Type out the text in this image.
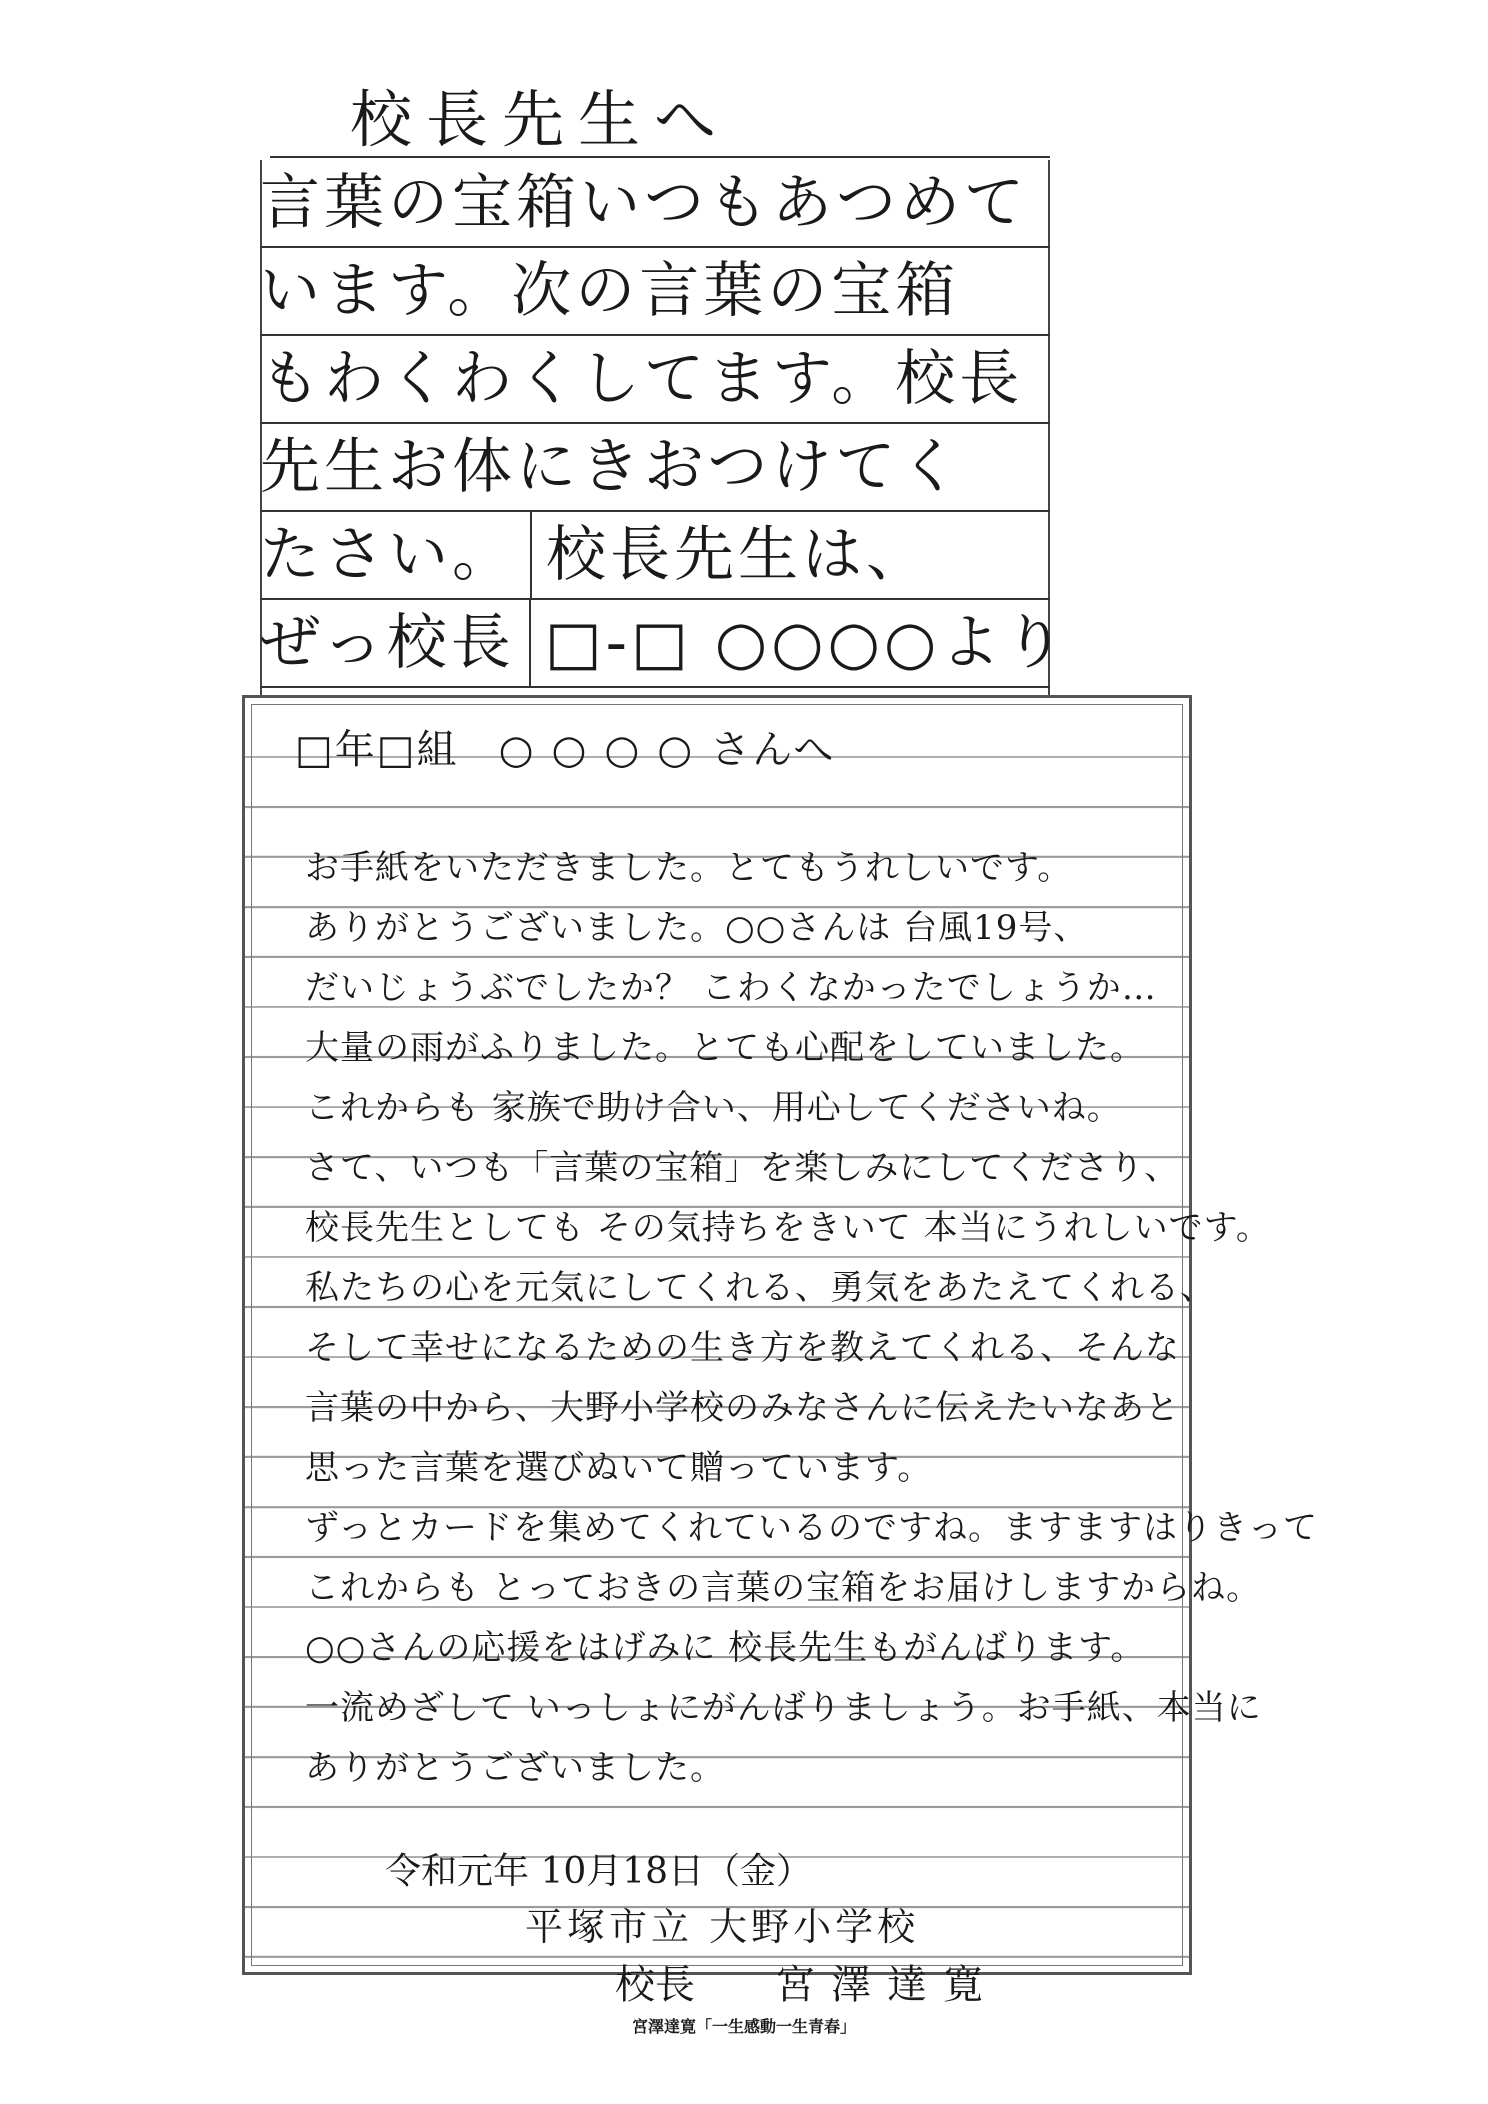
校長先生へ
言葉の宝箱いつもあつめて
います。次の言葉の宝箱
もわくわくしてます。校長
先生お体にきおつけてく
たさい。 校長先生は、
ぜっ校長 □-□ ○○○○より
□年□組 ○○○○さんへ
お手紙をいただきました。とてもうれしいです。
ありがとうございました。○○さんは 台風19号、
だいじょうぶでしたか？ こわくなかったでしょうか…
大量の雨がふりました。とても心配をしていました。
これからも 家族で助け合い、用心してくださいね。
さて、いつも「言葉の宝箱」を楽しみにしてくださり、
校長先生としても その気持ちをきいて 本当にうれしいです。
私たちの心を元気にしてくれる、勇気をあたえてくれる、
そして幸せになるための生き方を教えてくれる、そんな
言葉の中から、大野小学校のみなさんに伝えたいなあと
思った言葉を選びぬいて贈っています。
ずっとカードを集めてくれているのですね。ますますはりきって
これからも とっておきの言葉の宝箱をお届けしますからね。
○○さんの応援をはげみに 校長先生もがんばります。
一流めざして いっしょにがんばりましょう。お手紙、本当に
ありがとうございました。
令和元年 10月18日（金）
平塚市立 大野小学校
校長 宮澤達寛
宮澤達寛「一生感動一生青春」
